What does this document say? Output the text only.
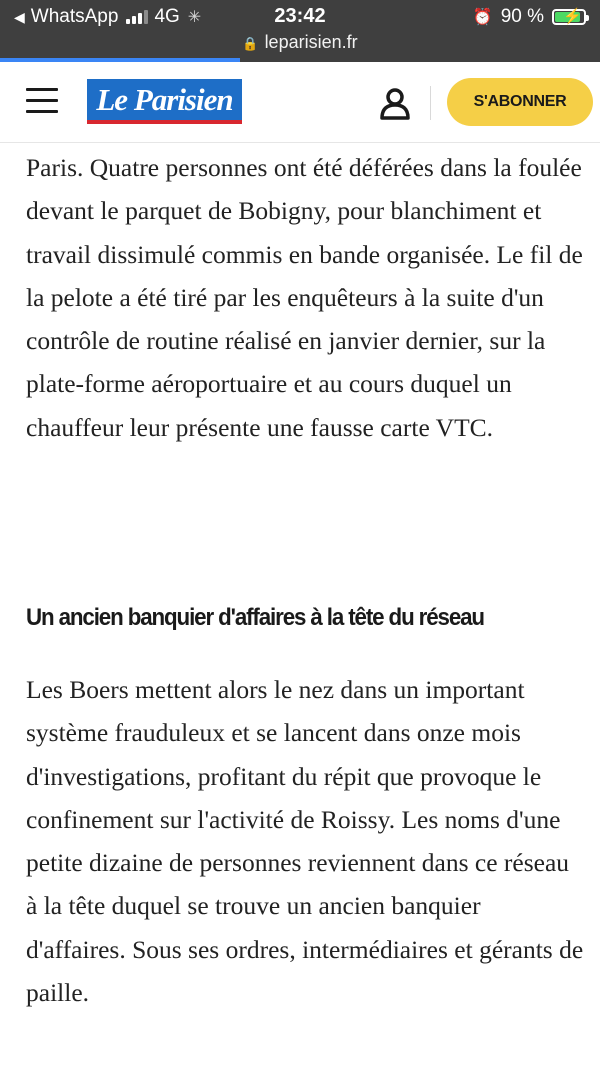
◀ WhatsApp 4G ✳	23:42	⏰ 90 % ⚡
🔒 leparisien.fr
Le Parisien	S'ABONNER

Paris. Quatre personnes ont été déférées dans la foulée devant le parquet de Bobigny, pour blanchiment et travail dissimulé commis en bande organisée. Le fil de la pelote a été tiré par les enquêteurs à la suite d'un contrôle de routine réalisé en janvier dernier, sur la plate-forme aéroportuaire et au cours duquel un chauffeur leur présente une fausse carte VTC.

Un ancien banquier d'affaires à la tête du réseau

Les Boers mettent alors le nez dans un important système frauduleux et se lancent dans onze mois d'investigations, profitant du répit que provoque le confinement sur l'activité de Roissy. Les noms d'une petite dizaine de personnes reviennent dans ce réseau à la tête duquel se trouve un ancien banquier d'affaires. Sous ses ordres, intermédiaires et gérants de paille.
